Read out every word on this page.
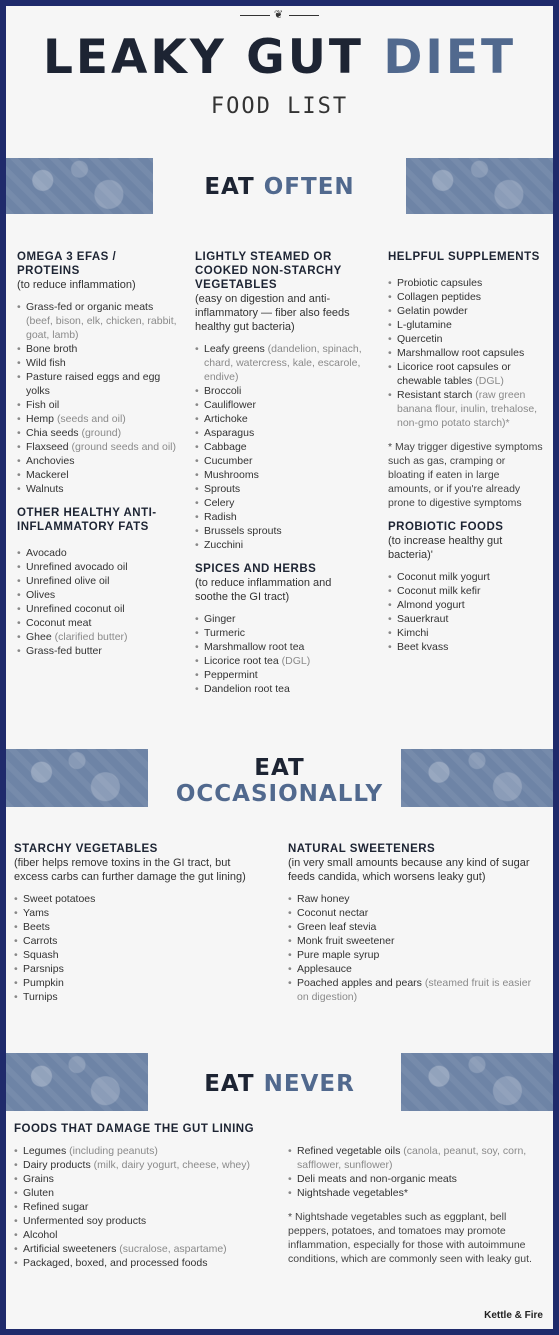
❦
LEAKY GUT DIET
FOOD LIST
EAT OFTEN
OMEGA 3 EFAS / PROTEINS
(to reduce inflammation)
• Grass-fed or organic meats (beef, bison, elk, chicken, rabbit, goat, lamb)
• Bone broth
• Wild fish
• Pasture raised eggs and egg yolks
• Fish oil
• Hemp (seeds and oil)
• Chia seeds (ground)
• Flaxseed (ground seeds and oil)
• Anchovies
• Mackerel
• Walnuts
OTHER HEALTHY ANTI-INFLAMMATORY FATS
• Avocado
• Unrefined avocado oil
• Unrefined olive oil
• Olives
• Unrefined coconut oil
• Coconut meat
• Ghee (clarified butter)
• Grass-fed butter
LIGHTLY STEAMED OR COOKED NON-STARCHY VEGETABLES
(easy on digestion and anti-inflammatory — fiber also feeds healthy gut bacteria)
• Leafy greens (dandelion, spinach, chard, watercress, kale, escarole, endive)
• Broccoli
• Cauliflower
• Artichoke
• Asparagus
• Cabbage
• Cucumber
• Mushrooms
• Sprouts
• Celery
• Radish
• Brussels sprouts
• Zucchini
SPICES AND HERBS
(to reduce inflammation and soothe the GI tract)
• Ginger
• Turmeric
• Marshmallow root tea
• Licorice root tea (DGL)
• Peppermint
• Dandelion root tea
HELPFUL SUPPLEMENTS
• Probiotic capsules
• Collagen peptides
• Gelatin powder
• L-glutamine
• Quercetin
• Marshmallow root capsules
• Licorice root capsules or chewable tables (DGL)
• Resistant starch (raw green banana flour, inulin, trehalose, non-gmo potato starch)*
* May trigger digestive symptoms such as gas, cramping or bloating if eaten in large amounts, or if you're already prone to digestive symptoms
PROBIOTIC FOODS
(to increase healthy gut bacteria)'
• Coconut milk yogurt
• Coconut milk kefir
• Almond yogurt
• Sauerkraut
• Kimchi
• Beet kvass
EAT
OCCASIONALLY
STARCHY VEGETABLES
(fiber helps remove toxins in the GI tract, but excess carbs can further damage the gut lining)
• Sweet potatoes
• Yams
• Beets
• Carrots
• Squash
• Parsnips
• Pumpkin
• Turnips
NATURAL SWEETENERS
(in very small amounts because any kind of sugar feeds candida, which worsens leaky gut)
• Raw honey
• Coconut nectar
• Green leaf stevia
• Monk fruit sweetener
• Pure maple syrup
• Applesauce
• Poached apples and pears (steamed fruit is easier on digestion)
EAT NEVER
FOODS THAT DAMAGE THE GUT LINING
• Legumes (including peanuts)
• Dairy products (milk, dairy yogurt, cheese, whey)
• Grains
• Gluten
• Refined sugar
• Unfermented soy products
• Alcohol
• Artificial sweeteners (sucralose, aspartame)
• Packaged, boxed, and processed foods
• Refined vegetable oils (canola, peanut, soy, corn, safflower, sunflower)
• Deli meats and non-organic meats
• Nightshade vegetables*
* Nightshade vegetables such as eggplant, bell peppers, potatoes, and tomatoes may promote inflammation, especially for those with autoimmune conditions, which are commonly seen with leaky gut.
Kettle & Fire
